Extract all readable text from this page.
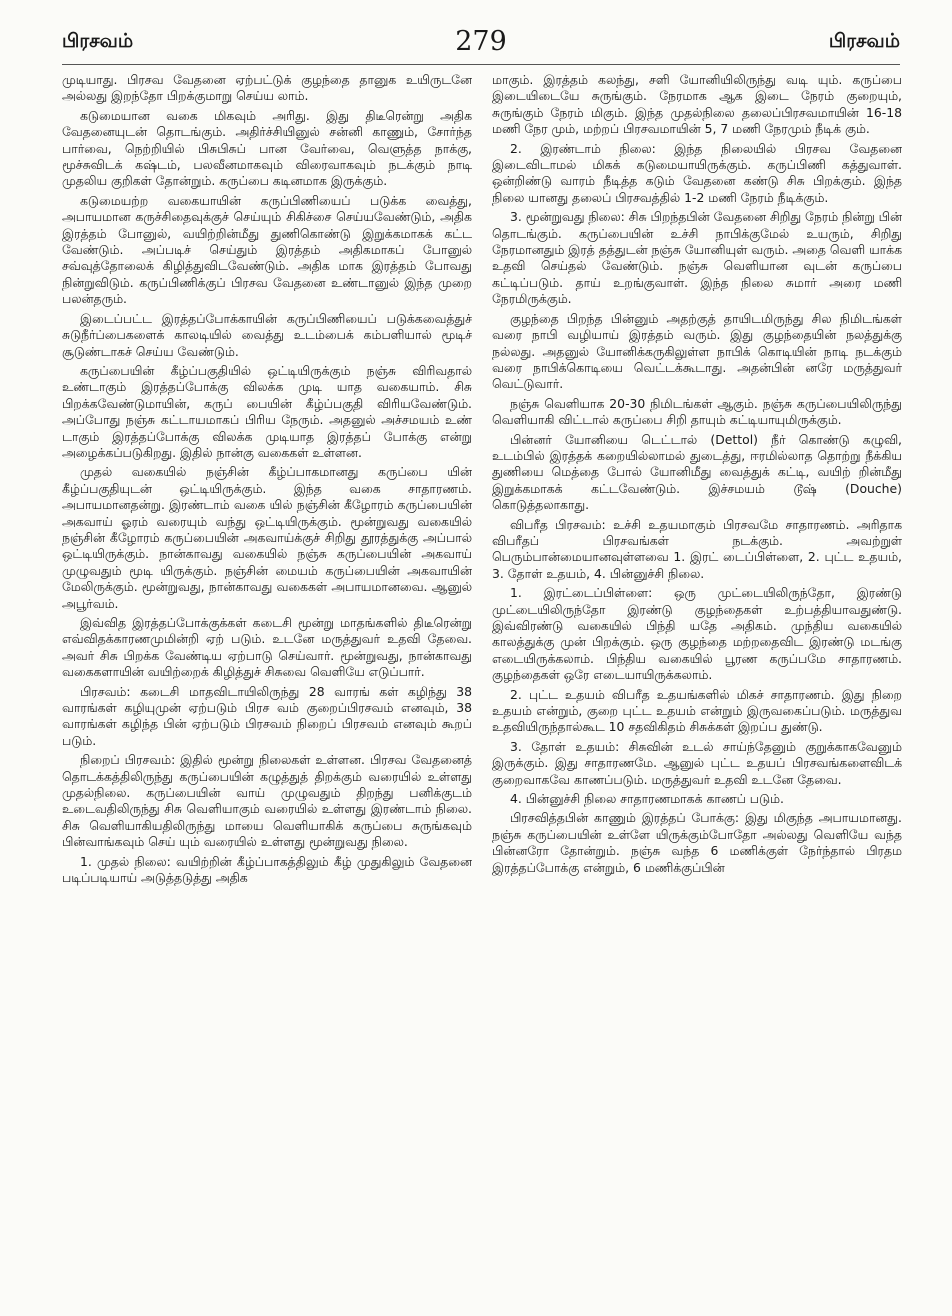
பிரசவம்	279	பிரசவம்

முடியாது. பிரசவ வேதனை ஏற்பட்டுக் குழந்தை தானுக உயிருடனே அல்லது இறந்தோ பிறக்குமாறு செய்ய லாம்.

கடுமையான வகை மிகவும் அரிது. இது திடீரென்று அதிக வேதனையுடன் தொடங்கும். அதிர்ச்சியினுல் சன்னி காணும், சோர்ந்த பார்வை, நெற்றியில் பிசுபிசுப் பான வேர்வை, வெளுத்த நாக்கு, மூச்சுவிடக் கஷ்டம், பலவீனமாகவும் விரைவாகவும் நடக்கும் நாடி முதலிய குறிகள் தோன்றும். கருப்பை கடினமாக இருக்கும்.

கடுமையற்ற வகையாயின் கருப்பிணியைப் படுக்க வைத்து, அபாயமான கருச்சிதைவுக்குச் செய்யும் சிகிச்சை செய்யவேண்டும், அதிக இரத்தம் போனுல், வயிற்றின்மீது துணிகொண்டு இறுக்கமாகக் கட்ட வேண்டும். அப்படிச் செய்தும் இரத்தம் அதிகமாகப் போனுல் சவ்வுத்தோலைக் கிழித்துவிடவேண்டும். அதிக மாக இரத்தம் போவது நின்றுவிடும். கருப்பிணிக்குப் பிரசவ வேதனை உண்டானுல் இந்த முறை பலன்தரும்.

இடைப்பட்ட இரத்தப்போக்காயின் கருப்பிணியைப் படுக்கவைத்துச் சுடுநீர்ப்பைகளைக் காலடியில் வைத்து உடம்பைக் கம்பளியால் மூடிச் சூடுண்டாகச் செய்ய வேண்டும்.

கருப்பையின் கீழ்ப்பகுதியில் ஒட்டியிருக்கும் நஞ்சு விரிவதால் உண்டாகும் இரத்தப்போக்கு விலக்க முடி யாத வகையாம். சிசு பிறக்கவேண்டுமாயின், கருப் பையின் கீழ்ப்பகுதி விரியவேண்டும். அப்போது நஞ்சு கட்டாயமாகப் பிரிய நேரும். அதனுல் அச்சமயம் உண் டாகும் இரத்தப்போக்கு விலக்க முடியாத இரத்தப் போக்கு என்று அழைக்கப்படுகிறது. இதில் நான்கு வகைகள் உள்ளன.

முதல் வகையில் நஞ்சின் கீழ்ப்பாகமானது கருப்பை யின் கீழ்ப்பகுதியுடன் ஒட்டியிருக்கும். இந்த வகை சாதாரணம். அபாயமானதன்று. இரண்டாம் வகை யில் நஞ்சின் கீழோரம் கருப்பையின் அகவாய் ஓரம் வரையும் வந்து ஒட்டியிருக்கும். மூன்றுவது வகையில் நஞ்சின் கீழோரம் கருப்பையின் அகவாய்க்குச் சிறிது தூரத்துக்கு அப்பால் ஒட்டியிருக்கும். நான்காவது வகையில் நஞ்சு கருப்பையின் அகவாய் முழுவதும் மூடி யிருக்கும். நஞ்சின் மையம் கருப்பையின் அகவாயின் மேலிருக்கும். மூன்றுவது, நான்காவது வகைகள் அபாயமானவை. ஆனுல் அபூர்வம்.

இவ்வித இரத்தப்போக்குக்கள் கடைசி மூன்று மாதங்களில் திடீரென்று எவ்விதக்காரணமுமின்றி ஏற் படும். உடனே மருத்துவர் உதவி தேவை. அவர் சிசு பிறக்க வேண்டிய ஏற்பாடு செய்வார். மூன்றுவது, நான்காவது வகைகளாயின் வயிற்றைக் கிழித்துச் சிசுவை வெளியே எடுப்பார்.

பிரசவம்: கடைசி மாதவிடாயிலிருந்து 28 வாரங் கள் கழிந்து 38 வாரங்கள் கழியுமுன் ஏற்படும் பிரச வம் குறைப்பிரசவம் எனவும், 38 வாரங்கள் கழிந்த பின் ஏற்படும் பிரசவம் நிறைப் பிரசவம் எனவும் கூறப் படும்.

நிறைப் பிரசவம்: இதில் மூன்று நிலைகள் உள்ளன. பிரசவ வேதனைத் தொடக்கத்திலிருந்து கருப்பையின் கழுத்துத் திறக்கும் வரையில் உள்ளது முதல்நிலை. கருப்பையின் வாய் முழுவதும் திறந்து பனிக்குடம் உடைவதிலிருந்து சிசு வெளியாகும் வரையில் உள்ளது இரண்டாம் நிலை. சிசு வெளியாகியதிலிருந்து மாயை வெளியாகிக் கருப்பை சுருங்கவும் பின்வாங்கவும் செய் யும் வரையில் உள்ளது மூன்றுவது நிலை.

1. முதல் நிலை: வயிற்றின் கீழ்ப்பாகத்திலும் கீழ் முதுகிலும் வேதனை படிப்படியாய் அடுத்தடுத்து அதிக

மாகும். இரத்தம் கலந்து, சளி யோனியிலிருந்து வடி யும். கருப்பை இடையிடையே சுருங்கும். நேரமாக ஆக இடை நேரம் குறையும், சுருங்கும் நேரம் மிகும். இந்த முதல்நிலை தலைப்பிரசவமாயின் 16-18 மணி நேர மும், மற்றப் பிரசவமாயின் 5, 7 மணி நேரமும் நீடிக் கும்.

2. இரண்டாம் நிலை: இந்த நிலையில் பிரசவ வேதனை இடைவிடாமல் மிகக் கடுமையாயிருக்கும். கருப்பிணி கத்துவாள். ஒன்றிண்டு வாரம் நீடித்த கடும் வேதனை கண்டு சிசு பிறக்கும். இந்த நிலை யானது தலைப் பிரசவத்தில் 1-2 மணி நேரம் நீடிக்கும்.

3. மூன்றுவது நிலை: சிசு பிறந்தபின் வேதனை சிறிது நேரம் நின்று பின் தொடங்கும். கருப்பையின் உச்சி நாபிக்குமேல் உயரும், சிறிது நேரமானதும் இரத் தத்துடன் நஞ்சு யோனியுள் வரும். அதை வெளி யாக்க உதவி செய்தல் வேண்டும். நஞ்சு வெளியான வுடன் கருப்பை கட்டிப்படும். தாய் உறங்குவாள். இந்த நிலை சுமார் அரை மணி நேரமிருக்கும்.

குழந்தை பிறந்த பின்னும் அதற்குத் தாயிடமிருந்து சில நிமிடங்கள் வரை நாபி வழியாய் இரத்தம் வரும். இது குழந்தையின் நலத்துக்கு நல்லது. அதனுல் யோனிக்கருகிலுள்ள நாபிக் கொடியின் நாடி நடக்கும் வரை நாபிக்கொடியை வெட்டக்கூடாது. அதன்பின் னரே மருத்துவர் வெட்டுவார்.

நஞ்சு வெளியாக 20-30 நிமிடங்கள் ஆகும். நஞ்சு கருப்பையிலிருந்து வெளியாகி விட்டால் கருப்பை சிறி தாயும் கட்டியாயுமிருக்கும்.

பின்னர் யோனியை டெட்டால் (Dettol) நீர் கொண்டு கழுவி, உடம்பில் இரத்தக் கறையில்லாமல் துடைத்து, ஈரமில்லாத தொற்று நீக்கிய துணியை மெத்தை போல் யோனிமீது வைத்துக் கட்டி, வயிற் றின்மீது இறுக்கமாகக் கட்டவேண்டும். இச்சமயம் டூஷ் (Douche) கொடுத்தலாகாது.

விபரீத பிரசவம்: உச்சி உதயமாகும் பிரசவமே சாதாரணம். அரிதாக விபரீதப் பிரசவங்கள் நடக்கும். அவற்றுள் பெரும்பான்மையானவுள்ளவை 1. இரட் டைப்பிள்ளை, 2. புட்ட உதயம், 3. தோள் உதயம், 4. பின்னுச்சி நிலை.

1. இரட்டைப்பிள்ளை: ஒரு முட்டையிலிருந்தோ, இரண்டு முட்டையிலிருந்தோ இரண்டு குழந்தைகள் உற்பத்தியாவதுண்டு. இவ்விரண்டு வகையில் பிந்தி யதே அதிகம். முந்திய வகையில் காலத்துக்கு முன் பிறக்கும். ஒரு குழந்தை மற்றதைவிட இரண்டு மடங்கு எடையிருக்கலாம். பிந்திய வகையில் பூரண கருப்பமே சாதாரணம். குழந்தைகள் ஒரே எடையாயிருக்கலாம்.

2. புட்ட உதயம் விபரீத உதயங்களில் மிகச் சாதாரணம். இது நிறை உதயம் என்றும், குறை புட்ட உதயம் என்றும் இருவகைப்படும். மருத்துவ உதவியிருந்தால்கூட 10 சதவிகிதம் சிசுக்கள் இறப்ப துண்டு.

3. தோள் உதயம்: சிசுவின் உடல் சாய்ந்தேனும் குறுக்காகவேனும் இருக்கும். இது சாதாரணமே. ஆனுல் புட்ட உதயப் பிரசவங்களைவிடக் குறைவாகவே காணப்படும். மருத்துவர் உதவி உடனே தேவை.

4. பின்னுச்சி நிலை சாதாரணமாகக் காணப் படும்.

பிரசவித்தபின் காணும் இரத்தப் போக்கு: இது மிகுந்த அபாயமானது. நஞ்சு கருப்பையின் உள்ளே யிருக்கும்போதோ அல்லது வெளியே வந்த பின்னரோ தோன்றும். நஞ்சு வந்த 6 மணிக்குள் நேர்ந்தால் பிரதம இரத்தப்போக்கு என்றும், 6 மணிக்குப்பின்
